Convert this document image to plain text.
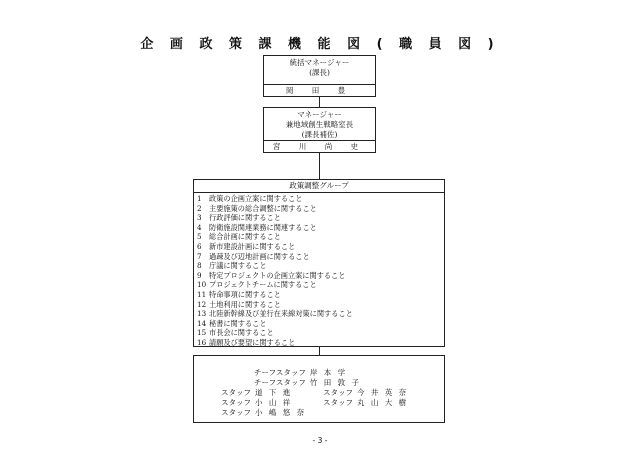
企 画 政 策 課 機 能 図 ( 職 員 図 )
統括マネージャー
(課長)
岡 田 豊
マネージャー
兼地域創生戦略室長
(課長補佐)
宮 川 尚 史
政策調整グループ
1 政策の企画立案に関すること
2 主要施策の総合調整に関すること
3 行政評価に関すること
4 防衛施設関連業務に関連すること
5 総合計画に関すること
6 新市建設計画に関すること
7 過疎及び辺地計画に関すること
8 庁議に関すること
9 特定プロジェクトの企画立案に関すること
10 プロジェクトチームに関すること
11 特命事項に関すること
12 土地利用に関すること
13 北陸新幹線及び並行在来線対策に関すること
14 秘書に関すること
15 市長会に関すること
16 請願及び要望に関すること
チーフスタッフ 岸 本 学
チーフスタッフ 竹 田 敦 子
スタッフ 道 下 進	スタッフ 今 井 英 奈
スタッフ 小 山 祥	スタッフ 丸 山 大 樹
スタッフ 小 嶋 悠 奈
- 3 -
